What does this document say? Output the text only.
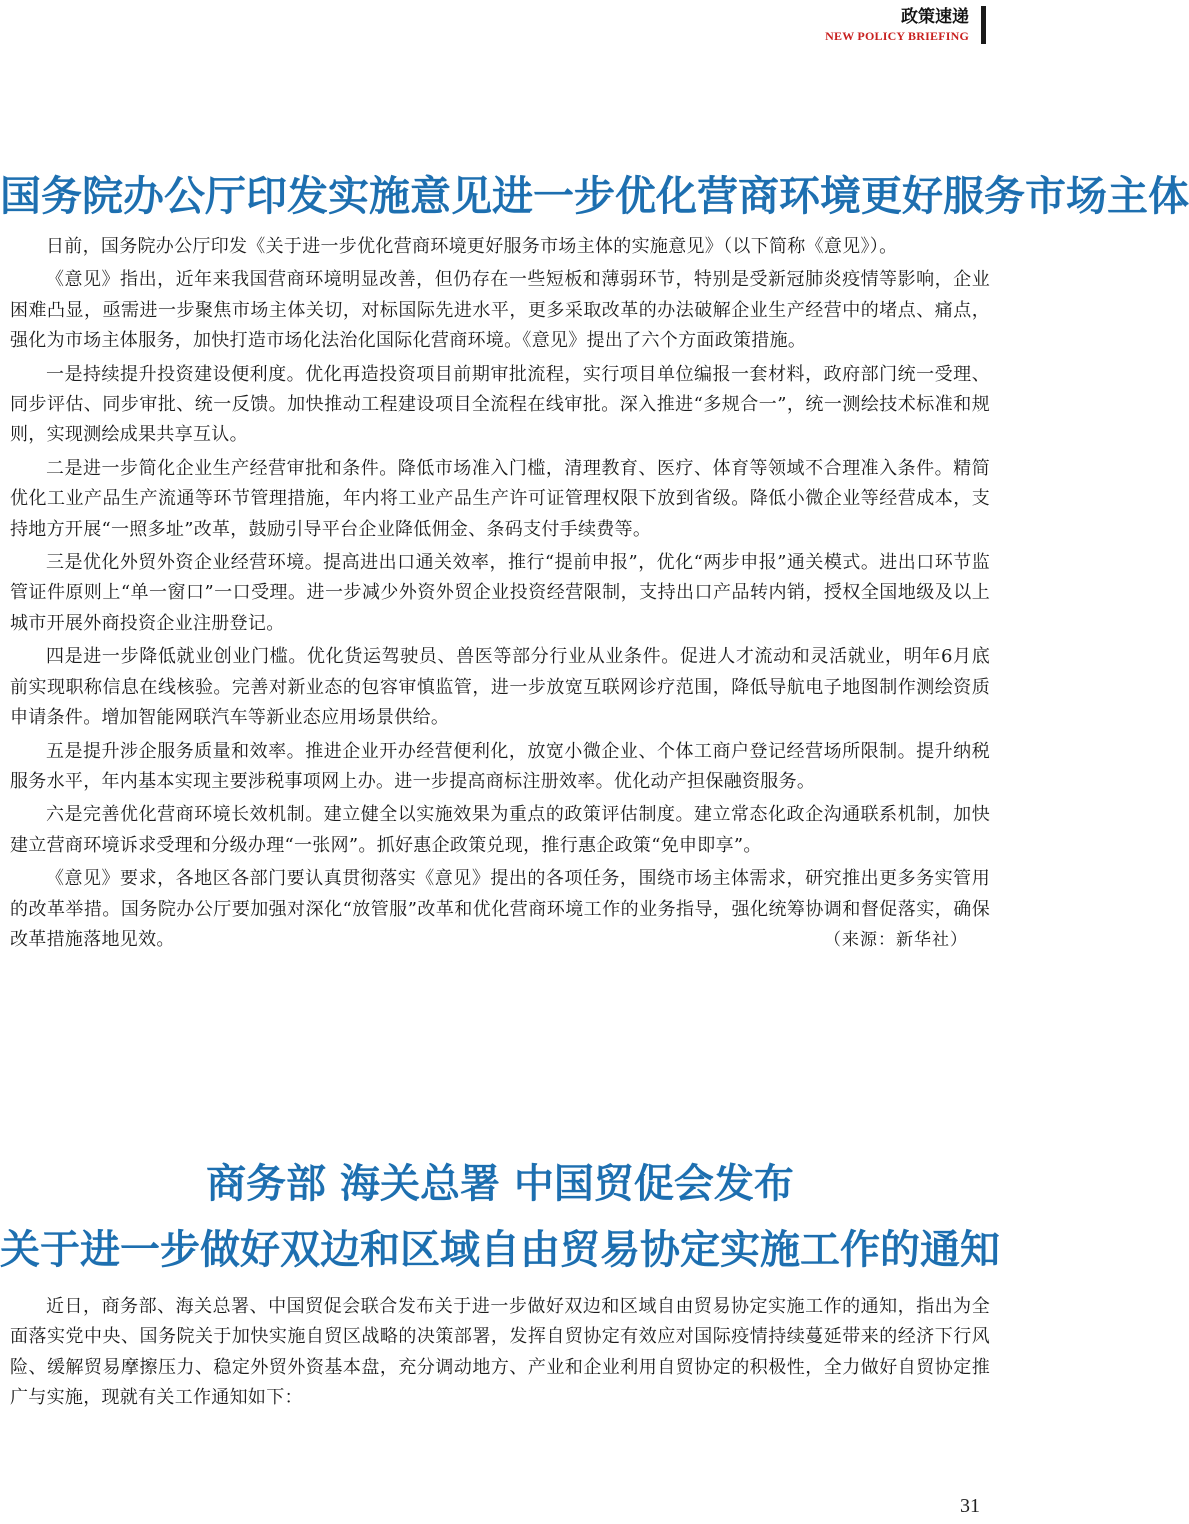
政策速递
NEW POLICY BRIEFING
国务院办公厅印发实施意见进一步优化营商环境更好服务市场主体

日前，国务院办公厅印发《关于进一步优化营商环境更好服务市场主体的实施意见》（以下简称《意见》）。

《意见》指出，近年来我国营商环境明显改善，但仍存在一些短板和薄弱环节，特别是受新冠肺炎疫情等影响，企业困难凸显，亟需进一步聚焦市场主体关切，对标国际先进水平，更多采取改革的办法破解企业生产经营中的堵点、痛点，强化为市场主体服务，加快打造市场化法治化国际化营商环境。《意见》提出了六个方面政策措施。

一是持续提升投资建设便利度。优化再造投资项目前期审批流程，实行项目单位编报一套材料，政府部门统一受理、同步评估、同步审批、统一反馈。加快推动工程建设项目全流程在线审批。深入推进“多规合一”，统一测绘技术标准和规则，实现测绘成果共享互认。

二是进一步简化企业生产经营审批和条件。降低市场准入门槛，清理教育、医疗、体育等领域不合理准入条件。精简优化工业产品生产流通等环节管理措施，年内将工业产品生产许可证管理权限下放到省级。降低小微企业等经营成本，支持地方开展“一照多址”改革，鼓励引导平台企业降低佣金、条码支付手续费等。

三是优化外贸外资企业经营环境。提高进出口通关效率，推行“提前申报”，优化“两步申报”通关模式。进出口环节监管证件原则上“单一窗口”一口受理。进一步减少外资外贸企业投资经营限制，支持出口产品转内销，授权全国地级及以上城市开展外商投资企业注册登记。

四是进一步降低就业创业门槛。优化货运驾驶员、兽医等部分行业从业条件。促进人才流动和灵活就业，明年6月底前实现职称信息在线核验。完善对新业态的包容审慎监管，进一步放宽互联网诊疗范围，降低导航电子地图制作测绘资质申请条件。增加智能网联汽车等新业态应用场景供给。

五是提升涉企服务质量和效率。推进企业开办经营便利化，放宽小微企业、个体工商户登记经营场所限制。提升纳税服务水平，年内基本实现主要涉税事项网上办。进一步提高商标注册效率。优化动产担保融资服务。

六是完善优化营商环境长效机制。建立健全以实施效果为重点的政策评估制度。建立常态化政企沟通联系机制，加快建立营商环境诉求受理和分级办理“一张网”。抓好惠企政策兑现，推行惠企政策“免申即享”。

《意见》要求，各地区各部门要认真贯彻落实《意见》提出的各项任务，围绕市场主体需求，研究推出更多务实管用的改革举措。国务院办公厅要加强对深化“放管服”改革和优化营商环境工作的业务指导，强化统筹协调和督促落实，确保改革措施落地见效。	（来源：新华社）
商务部 海关总署 中国贸促会发布
关于进一步做好双边和区域自由贸易协定实施工作的通知

近日，商务部、海关总署、中国贸促会联合发布关于进一步做好双边和区域自由贸易协定实施工作的通知，指出为全面落实党中央、国务院关于加快实施自贸区战略的决策部署，发挥自贸协定有效应对国际疫情持续蔓延带来的经济下行风险、缓解贸易摩擦压力、稳定外贸外资基本盘，充分调动地方、产业和企业利用自贸协定的积极性，全力做好自贸协定推广与实施，现就有关工作通知如下：

31
